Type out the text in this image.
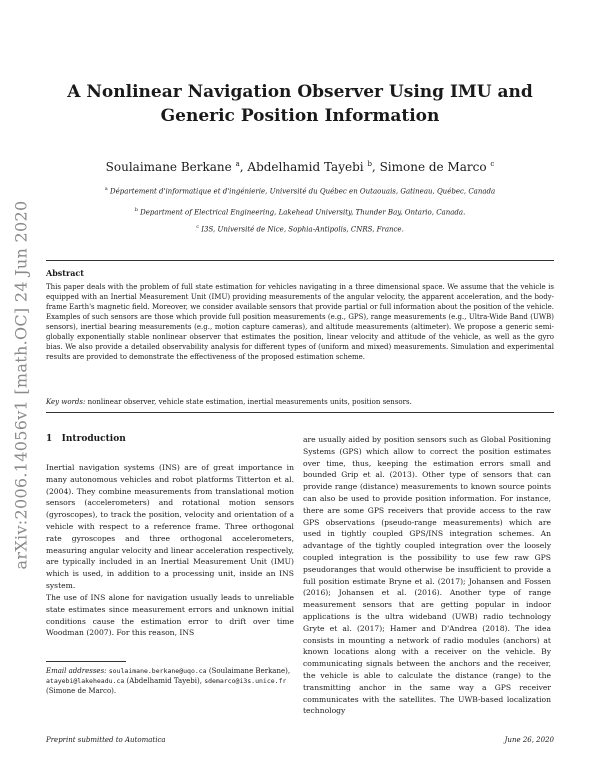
arXiv:2006.14056v1 [math.OC] 24 Jun 2020
A Nonlinear Navigation Observer Using IMU and Generic Position Information

Soulaimane Berkane $^a$, Abdelhamid Tayebi $^b$, Simone de Marco $^c$

$^a$ Département d'informatique et d'ingénierie, Université du Québec en Outaouais, Gatineau, Québec, Canada

$^b$ Department of Electrical Engineering, Lakehead University, Thunder Bay, Ontario, Canada.

$^c$ I3S, Université de Nice, Sophia-Antipolis, CNRS, France.

Abstract

This paper deals with the problem of full state estimation for vehicles navigating in a three dimensional space. We assume that the vehicle is equipped with an Inertial Measurement Unit (IMU) providing measurements of the angular velocity, the apparent acceleration, and the body-frame Earth's magnetic field. Moreover, we consider available sensors that provide partial or full information about the position of the vehicle. Examples of such sensors are those which provide full position measurements (e.g., GPS), range measurements (e.g., Ultra-Wide Band (UWB) sensors), inertial bearing measurements (e.g., motion capture cameras), and altitude measurements (altimeter). We propose a generic semi-globally exponentially stable nonlinear observer that estimates the position, linear velocity and attitude of the vehicle, as well as the gyro bias. We also provide a detailed observability analysis for different types of (uniform and mixed) measurements. Simulation and experimental results are provided to demonstrate the effectiveness of the proposed estimation scheme.

Key words: nonlinear observer, vehicle state estimation, inertial measurements units, position sensors.

1 Introduction

Inertial navigation systems (INS) are of great importance in many autonomous vehicles and robot platforms Titterton et al. (2004). They combine measurements from translational motion sensors (accelerometers) and rotational motion sensors (gyroscopes), to track the position, velocity and orientation of a vehicle with respect to a reference frame. Three orthogonal rate gyroscopes and three orthogonal accelerometers, measuring angular velocity and linear acceleration respectively, are typically included in an Inertial Measurement Unit (IMU) which is used, in addition to a processing unit, inside an INS system.

The use of INS alone for navigation usually leads to unreliable state estimates since measurement errors and unknown initial conditions cause the estimation error to drift over time Woodman (2007). For this reason, INS

are usually aided by position sensors such as Global Positioning Systems (GPS) which allow to correct the position estimates over time, thus, keeping the estimation errors small and bounded Grip et al. (2013). Other type of sensors that can provide range (distance) measurements to known source points can also be used to provide position information. For instance, there are some GPS receivers that provide access to the raw GPS observations (pseudo-range measurements) which are used in tightly coupled GPS/INS integration schemes. An advantage of the tightly coupled integration over the loosely coupled integration is the possibility to use few raw GPS pseudoranges that would otherwise be insufficient to provide a full position estimate Bryne et al. (2017); Johansen and Fossen (2016); Johansen et al. (2016). Another type of range measurement sensors that are getting popular in indoor applications is the ultra wideband (UWB) radio technology Gryte et al. (2017); Hamer and D'Andrea (2018). The idea consists in mounting a network of radio modules (anchors) at known locations along with a receiver on the vehicle. By communicating signals between the anchors and the receiver, the vehicle is able to calculate the distance (range) to the transmitting anchor in the same way a GPS receiver communicates with the satellites. The UWB-based localization technology

Email addresses: soulaimane.berkane@uqo.ca (Soulaimane Berkane), atayebi@lakeheadu.ca (Abdelhamid Tayebi), sdemarco@i3s.unice.fr (Simone de Marco).

Preprint submitted to Automatica	June 26, 2020
